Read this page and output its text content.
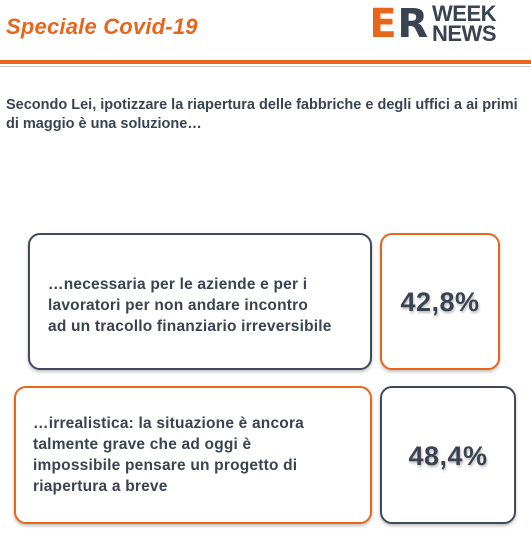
Speciale Covid-19	ƎR WEEK
NEWS
Secondo Lei, ipotizzare la riapertura delle fabbriche e degli uffici a ai primi di maggio è una soluzione…
…necessaria per le aziende e per i
lavoratori per non andare incontro
ad un tracollo finanziario irreversibile
42,8%
…irrealistica: la situazione è ancora
talmente grave che ad oggi è
impossibile pensare un progetto di
riapertura a breve
48,4%
